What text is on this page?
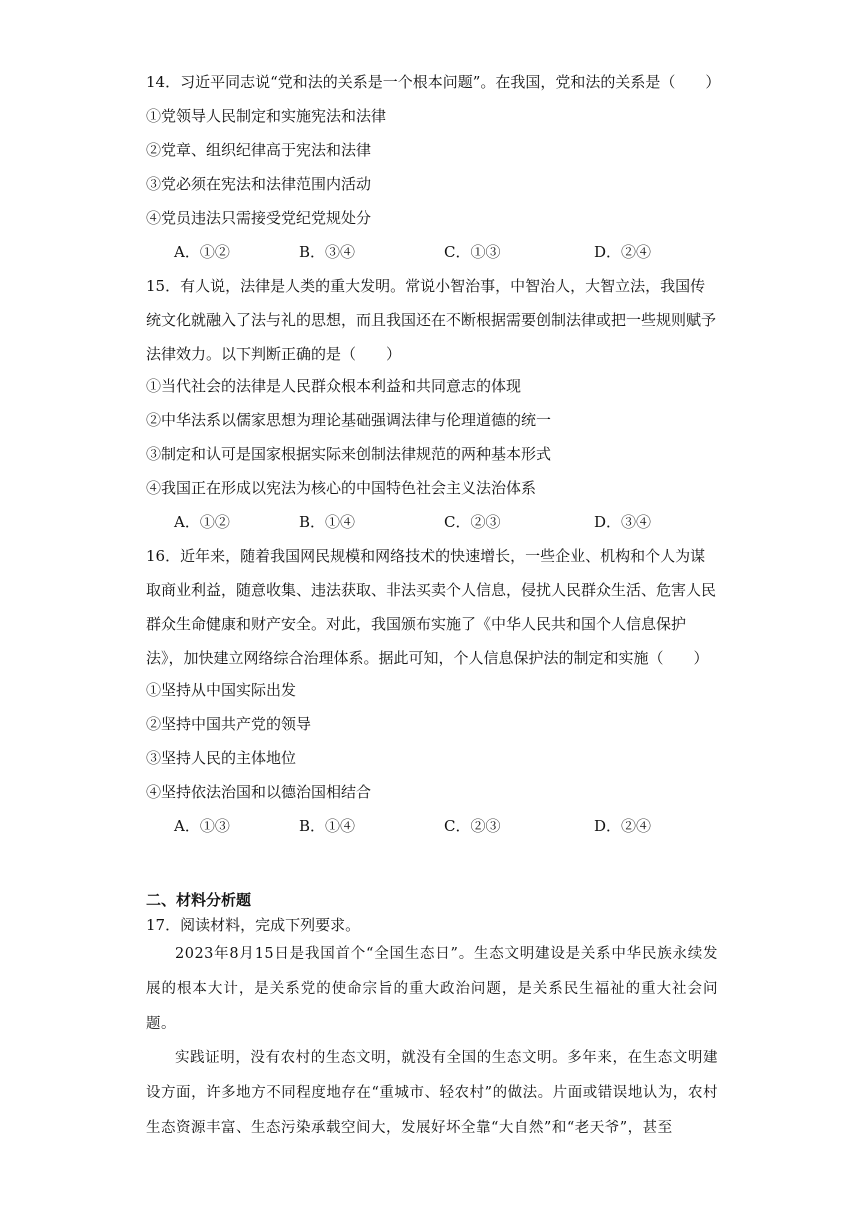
14．习近平同志说“党和法的关系是一个根本问题”。在我国，党和法的关系是（　　）
①党领导人民制定和实施宪法和法律
②党章、组织纪律高于宪法和法律
③党必须在宪法和法律范围内活动
④党员违法只需接受党纪党规处分
A．①②	B．③④	C．①③	D．②④
15．有人说，法律是人类的重大发明。常说小智治事，中智治人，大智立法，我国传统文化就融入了法与礼的思想，而且我国还在不断根据需要创制法律或把一些规则赋予法律效力。以下判断正确的是（　　）
①当代社会的法律是人民群众根本利益和共同意志的体现
②中华法系以儒家思想为理论基础强调法律与伦理道德的统一
③制定和认可是国家根据实际来创制法律规范的两种基本形式
④我国正在形成以宪法为核心的中国特色社会主义法治体系
A．①②	B．①④	C．②③	D．③④
16．近年来，随着我国网民规模和网络技术的快速增长，一些企业、机构和个人为谋取商业利益，随意收集、违法获取、非法买卖个人信息，侵扰人民群众生活、危害人民群众生命健康和财产安全。对此，我国颁布实施了《中华人民共和国个人信息保护法》，加快建立网络综合治理体系。据此可知，个人信息保护法的制定和实施（　　）
①坚持从中国实际出发
②坚持中国共产党的领导
③坚持人民的主体地位
④坚持依法治国和以德治国相结合
A．①③	B．①④	C．②③	D．②④
二、材料分析题
17．阅读材料，完成下列要求。
2023年8月15日是我国首个“全国生态日”。生态文明建设是关系中华民族永续发展的根本大计，是关系党的使命宗旨的重大政治问题，是关系民生福祉的重大社会问题。
实践证明，没有农村的生态文明，就没有全国的生态文明。多年来，在生态文明建设方面，许多地方不同程度地存在“重城市、轻农村”的做法。片面或错误地认为，农村生态资源丰富、生态污染承载空间大，发展好坏全靠“大自然”和“老天爷”，甚至
